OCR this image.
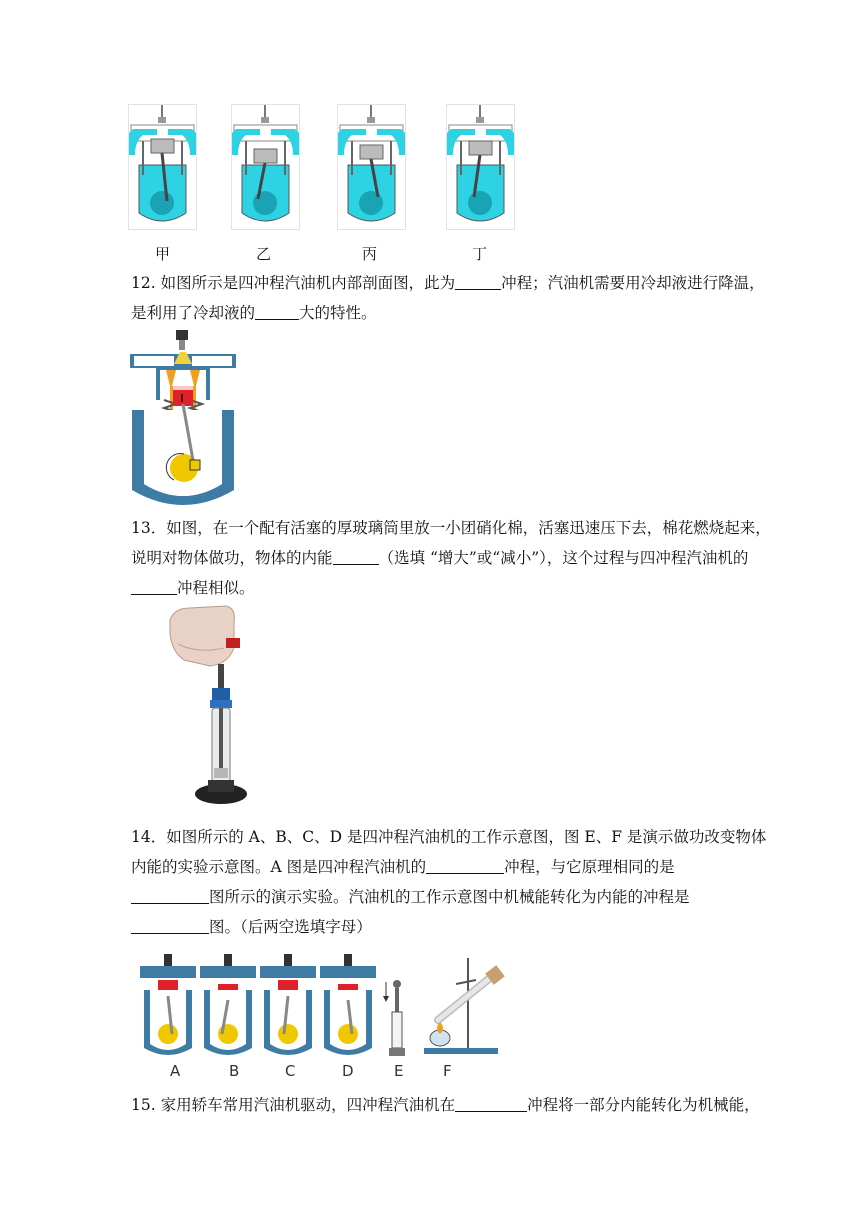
甲	乙	丙	丁
12. 如图所示是四冲程汽油机内部剖面图，此为	冲程；汽油机需要用冷却液进行降温，
是利用了冷却液的	大的特性。
13．如图，在一个配有活塞的厚玻璃筒里放一小团硝化棉，活塞迅速压下去，棉花燃烧起来，
说明对物体做功，物体的内能	（选填 “增大”或“减小”），这个过程与四冲程汽油机的
冲程相似。
14．如图所示的 A、B、C、D 是四冲程汽油机的工作示意图，图 E、F 是演示做功改变物体
内能的实验示意图。A 图是四冲程汽油机的	冲程，与它原理相同的是
图所示的演示实验。汽油机的工作示意图中机械能转化为内能的冲程是
图。（后两空选填字母）
A	B	C	D	E	F
15. 家用轿车常用汽油机驱动，四冲程汽油机在	冲程将一部分内能转化为机械能，
